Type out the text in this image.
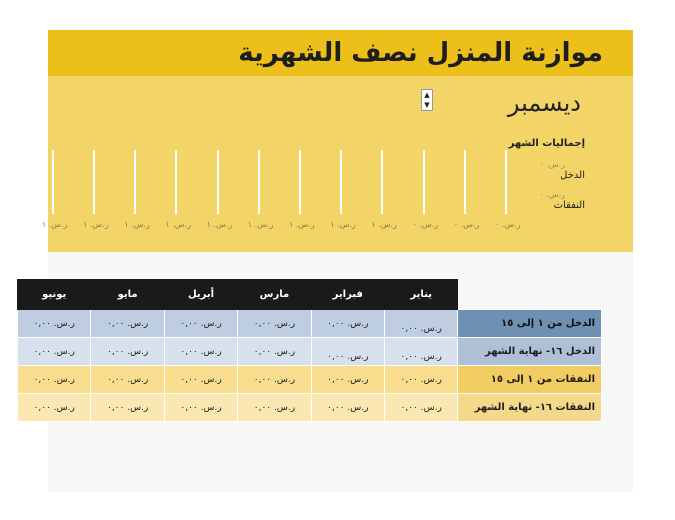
موازنة المنزل نصف الشهرية
ديسمبر
▲
▼
إجماليات الشهر
ر.س. ٠
الدخل
ر.س. ٠
النفقات
ر.س. ٠
ر.س. ٠
ر.س. ٠
ر.س. ١
ر.س. ١
ر.س. ١
ر.س. ١
ر.س. ١
ر.س. ١
ر.س. ١
ر.س. ١
ر.س. ١
	يناير	فبراير	مارس	أبريل	مايو	يونيو
الدخل من ١ إلى ١٥	ر.س. ٠,٠٠	ر.س. ٠,٠٠	ر.س. ٠,٠٠	ر.س. ٠,٠٠	ر.س. ٠,٠٠	ر.س. ٠,٠٠
الدخل ١٦- نهاية الشهر	ر.س. ٠,٠٠	ر.س. ٠,٠٠	ر.س. ٠,٠٠	ر.س. ٠,٠٠	ر.س. ٠,٠٠	ر.س. ٠,٠٠
النفقات من ١ إلى ١٥	ر.س. ٠,٠٠	ر.س. ٠,٠٠	ر.س. ٠,٠٠	ر.س. ٠,٠٠	ر.س. ٠,٠٠	ر.س. ٠,٠٠
النفقات ١٦- نهاية الشهر	ر.س. ٠,٠٠	ر.س. ٠,٠٠	ر.س. ٠,٠٠	ر.س. ٠,٠٠	ر.س. ٠,٠٠	ر.س. ٠,٠٠
